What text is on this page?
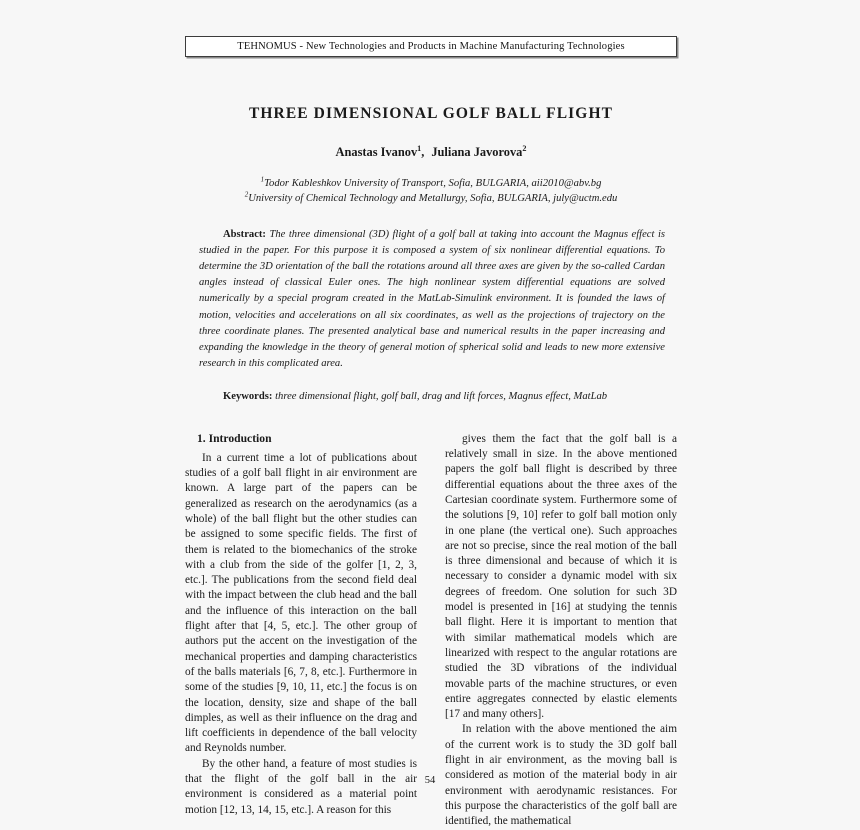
TEHNOMUS - New Technologies and Products in Machine Manufacturing Technologies
THREE DIMENSIONAL GOLF BALL FLIGHT
Anastas Ivanov$^1$, Juliana Javorova$^2$
$^1$Todor Kableshkov University of Transport, Sofia, BULGARIA, aii2010@abv.bg
$^2$University of Chemical Technology and Metallurgy, Sofia, BULGARIA, july@uctm.edu
Abstract: The three dimensional (3D) flight of a golf ball at taking into account the Magnus effect is studied in the paper. For this purpose it is composed a system of six nonlinear differential equations. To determine the 3D orientation of the ball the rotations around all three axes are given by the so-called Cardan angles instead of classical Euler ones. The high nonlinear system differential equations are solved numerically by a special program created in the MatLab-Simulink environment. It is founded the laws of motion, velocities and accelerations on all six coordinates, as well as the projections of trajectory on the three coordinate planes. The presented analytical base and numerical results in the paper increasing and expanding the knowledge in the theory of general motion of spherical solid and leads to new more extensive research in this complicated area.
Keywords: three dimensional flight, golf ball, drag and lift forces, Magnus effect, MatLab
1. Introduction

In a current time a lot of publications about studies of a golf ball flight in air environment are known. A large part of the papers can be generalized as research on the aerodynamics (as a whole) of the ball flight but the other studies can be assigned to some specific fields. The first of them is related to the biomechanics of the stroke with a club from the side of the golfer [1, 2, 3, etc.]. The publications from the second field deal with the impact between the club head and the ball and the influence of this interaction on the ball flight after that [4, 5, etc.]. The other group of authors put the accent on the investigation of the mechanical properties and damping characteristics of the balls materials [6, 7, 8, etc.]. Furthermore in some of the studies [9, 10, 11, etc.] the focus is on the location, density, size and shape of the ball dimples, as well as their influence on the drag and lift coefficients in dependence of the ball velocity and Reynolds number.

By the other hand, a feature of most studies is that the flight of the golf ball in the air environment is considered as a material point motion [12, 13, 14, 15, etc.]. A reason for this

gives them the fact that the golf ball is a relatively small in size. In the above mentioned papers the golf ball flight is described by three differential equations about the three axes of the Cartesian coordinate system. Furthermore some of the solutions [9, 10] refer to golf ball motion only in one plane (the vertical one). Such approaches are not so precise, since the real motion of the ball is three dimensional and because of which it is necessary to consider a dynamic model with six degrees of freedom. One solution for such 3D model is presented in [16] at studying the tennis ball flight. Here it is important to mention that with similar mathematical models which are linearized with respect to the angular rotations are studied the 3D vibrations of the individual movable parts of the machine structures, or even entire aggregates connected by elastic elements [17 and many others].

In relation with the above mentioned the aim of the current work is to study the 3D golf ball flight in air environment, as the moving ball is considered as motion of the material body in air environment with aerodynamic resistances. For this purpose the characteristics of the golf ball are identified, the mathematical

54
